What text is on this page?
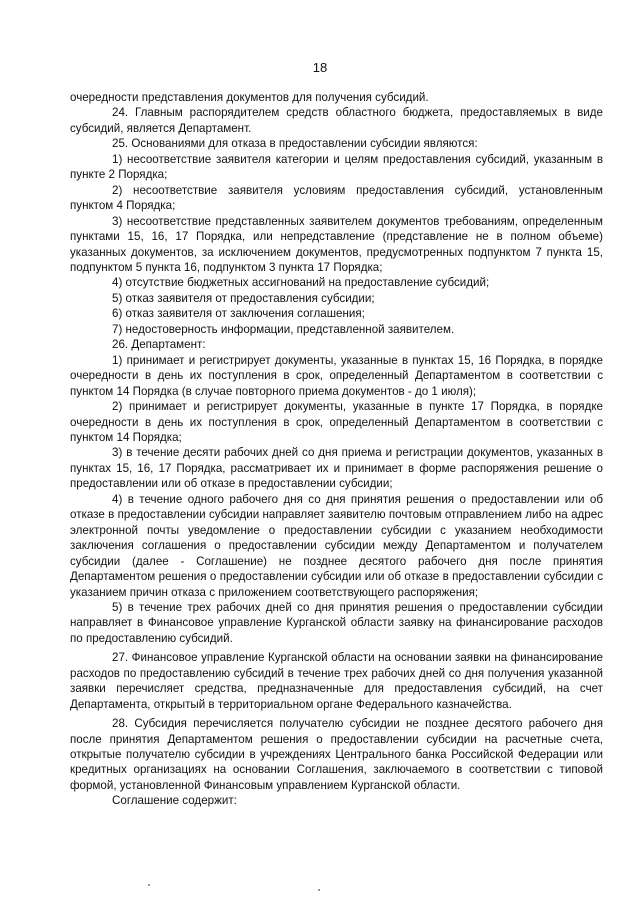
18

очередности представления документов для получения субсидий.

24. Главным распорядителем средств областного бюджета, предоставляемых в виде субсидий, является Департамент.

25. Основаниями для отказа в предоставлении субсидии являются:

1) несоответствие заявителя категории и целям предоставления субсидий, указанным в пункте 2 Порядка;

2) несоответствие заявителя условиям предоставления субсидий, установленным пунктом 4 Порядка;

3) несоответствие представленных заявителем документов требованиям, определенным пунктами 15, 16, 17 Порядка, или непредставление (представление не в полном объеме) указанных документов, за исключением документов, предусмотренных подпунктом 7 пункта 15, подпунктом 5 пункта 16, подпунктом 3 пункта 17 Порядка;

4) отсутствие бюджетных ассигнований на предоставление субсидий;

5) отказ заявителя от предоставления субсидии;

6) отказ заявителя от заключения соглашения;

7) недостоверность информации, представленной заявителем.

26. Департамент:

1) принимает и регистрирует документы, указанные в пунктах 15, 16 Порядка, в порядке очередности в день их поступления в срок, определенный Департаментом в соответствии с пунктом 14 Порядка (в случае повторного приема документов - до 1 июля);

2) принимает и регистрирует документы, указанные в пункте 17 Порядка, в порядке очередности в день их поступления в срок, определенный Департаментом в соответствии с пунктом 14 Порядка;

3) в течение десяти рабочих дней со дня приема и регистрации документов, указанных в пунктах 15, 16, 17 Порядка, рассматривает их и принимает в форме распоряжения решение о предоставлении или об отказе в предоставлении субсидии;

4) в течение одного рабочего дня со дня принятия решения о предоставлении или об отказе в предоставлении субсидии направляет заявителю почтовым отправлением либо на адрес электронной почты уведомление о предоставлении субсидии с указанием необходимости заключения соглашения о предоставлении субсидии между Департаментом и получателем субсидии (далее - Соглашение) не позднее десятого рабочего дня после принятия Департаментом решения о предоставлении субсидии или об отказе в предоставлении субсидии с указанием причин отказа с приложением соответствующего распоряжения;

5) в течение трех рабочих дней со дня принятия решения о предоставлении субсидии направляет в Финансовое управление Курганской области заявку на финансирование расходов по предоставлению субсидий.

27. Финансовое управление Курганской области на основании заявки на финансирование расходов по предоставлению субсидий в течение трех рабочих дней со дня получения указанной заявки перечисляет средства, предназначенные для предоставления субсидий, на счет Департамента, открытый в территориальном органе Федерального казначейства.

28. Субсидия перечисляется получателю субсидии не позднее десятого рабочего дня после принятия Департаментом решения о предоставлении субсидии на расчетные счета, открытые получателю субсидии в учреждениях Центрального банка Российской Федерации или кредитных организациях на основании Соглашения, заключаемого в соответствии с типовой формой, установленной Финансовым управлением Курганской области.

Соглашение содержит:
